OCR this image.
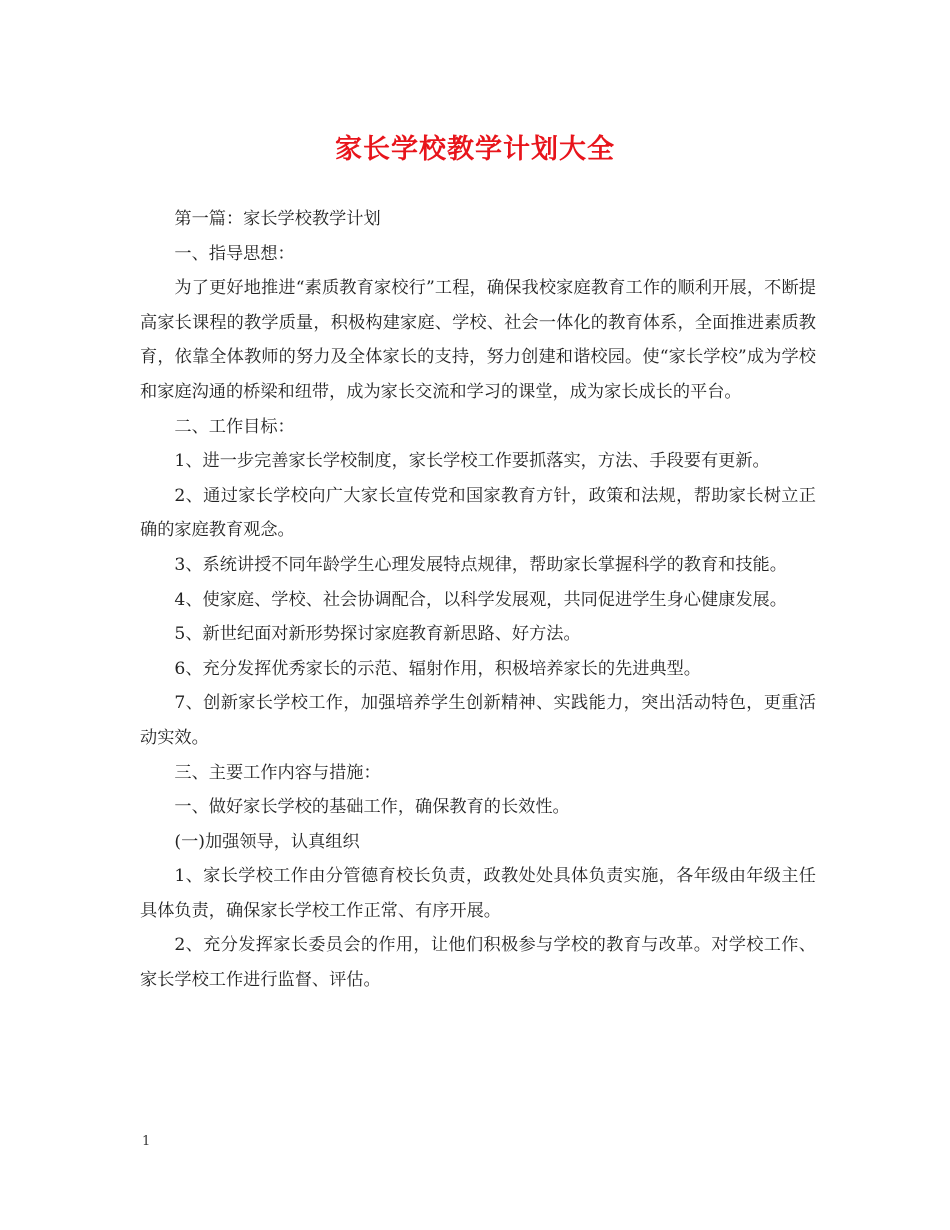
家长学校教学计划大全

第一篇：家长学校教学计划

一、指导思想：

为了更好地推进“素质教育家校行”工程，确保我校家庭教育工作的顺利开展，不断提高家长课程的教学质量，积极构建家庭、学校、社会一体化的教育体系，全面推进素质教育，依靠全体教师的努力及全体家长的支持，努力创建和谐校园。使“家长学校”成为学校和家庭沟通的桥梁和纽带，成为家长交流和学习的课堂，成为家长成长的平台。

二、工作目标：

1、进一步完善家长学校制度，家长学校工作要抓落实，方法、手段要有更新。

2、通过家长学校向广大家长宣传党和国家教育方针，政策和法规，帮助家长树立正确的家庭教育观念。

3、系统讲授不同年龄学生心理发展特点规律，帮助家长掌握科学的教育和技能。

4、使家庭、学校、社会协调配合，以科学发展观，共同促进学生身心健康发展。

5、新世纪面对新形势探讨家庭教育新思路、好方法。

6、充分发挥优秀家长的示范、辐射作用，积极培养家长的先进典型。

7、创新家长学校工作，加强培养学生创新精神、实践能力，突出活动特色，更重活动实效。

三、主要工作内容与措施：

一、做好家长学校的基础工作，确保教育的长效性。

(一)加强领导，认真组织

1、家长学校工作由分管德育校长负责，政教处处具体负责实施，各年级由年级主任具体负责，确保家长学校工作正常、有序开展。

2、充分发挥家长委员会的作用，让他们积极参与学校的教育与改革。对学校工作、家长学校工作进行监督、评估。

1
